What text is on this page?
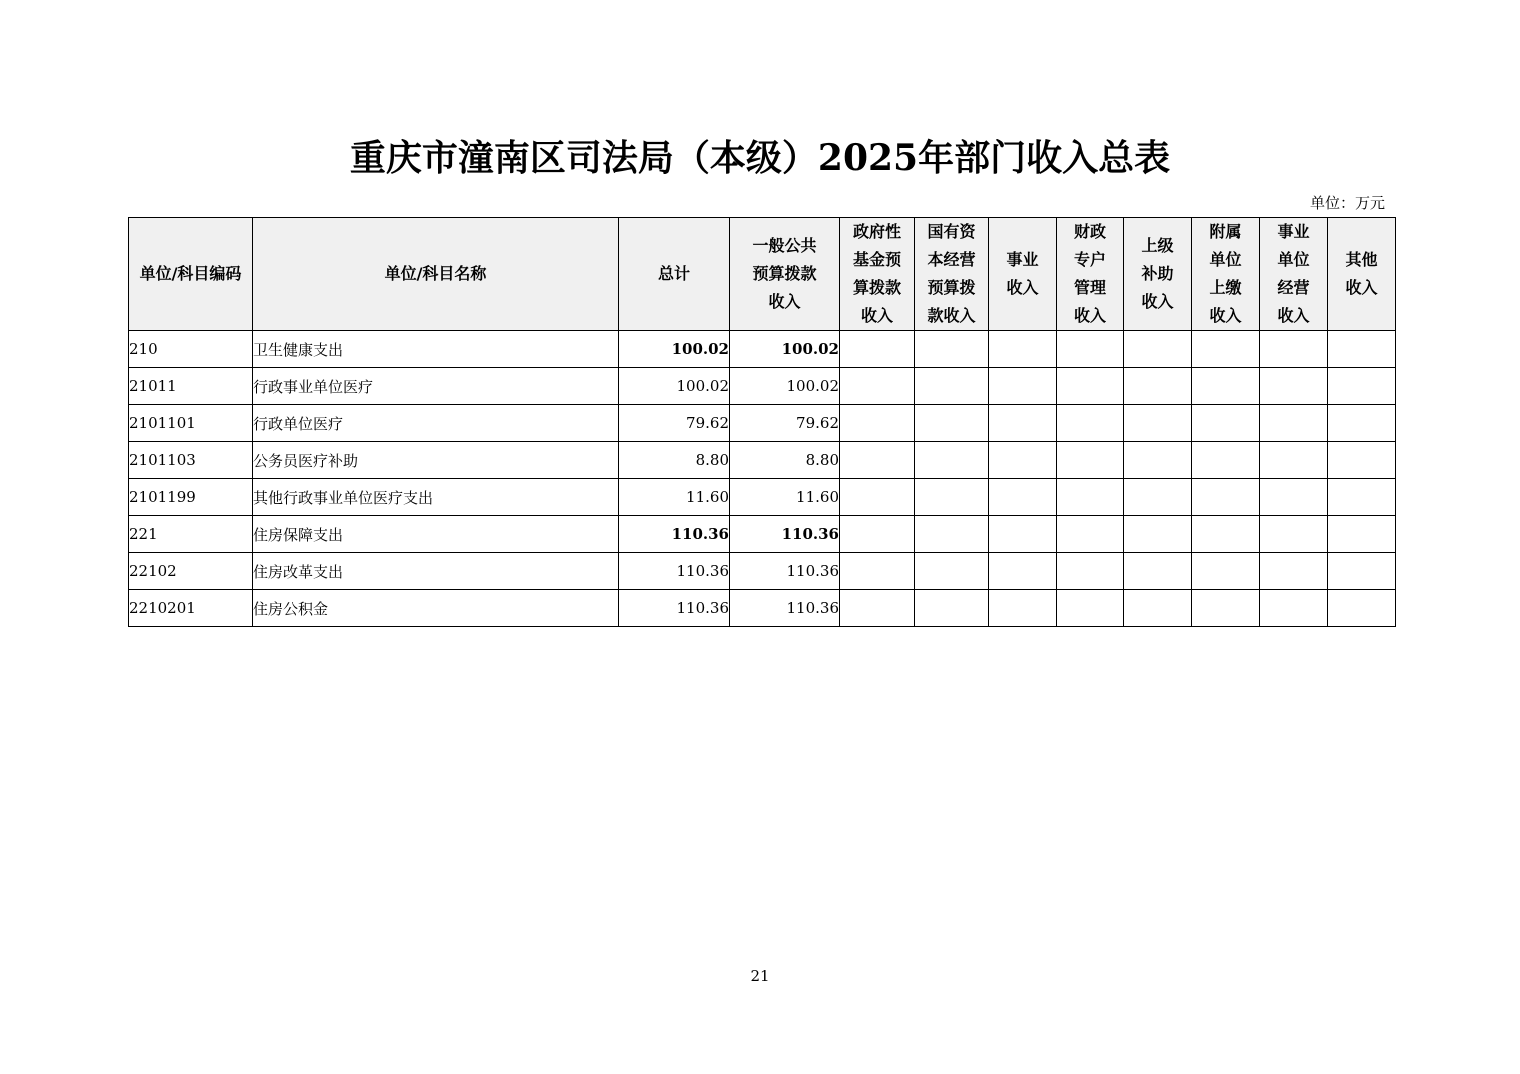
重庆市潼南区司法局（本级）2025年部门收入总表
单位：万元
单位/科目编码	单位/科目名称	总计	一般公共预算拨款收入	政府性基金预算拨款收入	国有资本经营预算拨款收入	事业收入	财政专户管理收入	上级补助收入	附属单位上缴收入	事业单位经营收入	其他收入

210	卫生健康支出	100.02	100.02								
21011	行政事业单位医疗	100.02	100.02								
2101101	行政单位医疗	79.62	79.62								
2101103	公务员医疗补助	8.80	8.80								
2101199	其他行政事业单位医疗支出	11.60	11.60								
221	住房保障支出	110.36	110.36								
22102	住房改革支出	110.36	110.36								
2210201	住房公积金	110.36	110.36								
21
